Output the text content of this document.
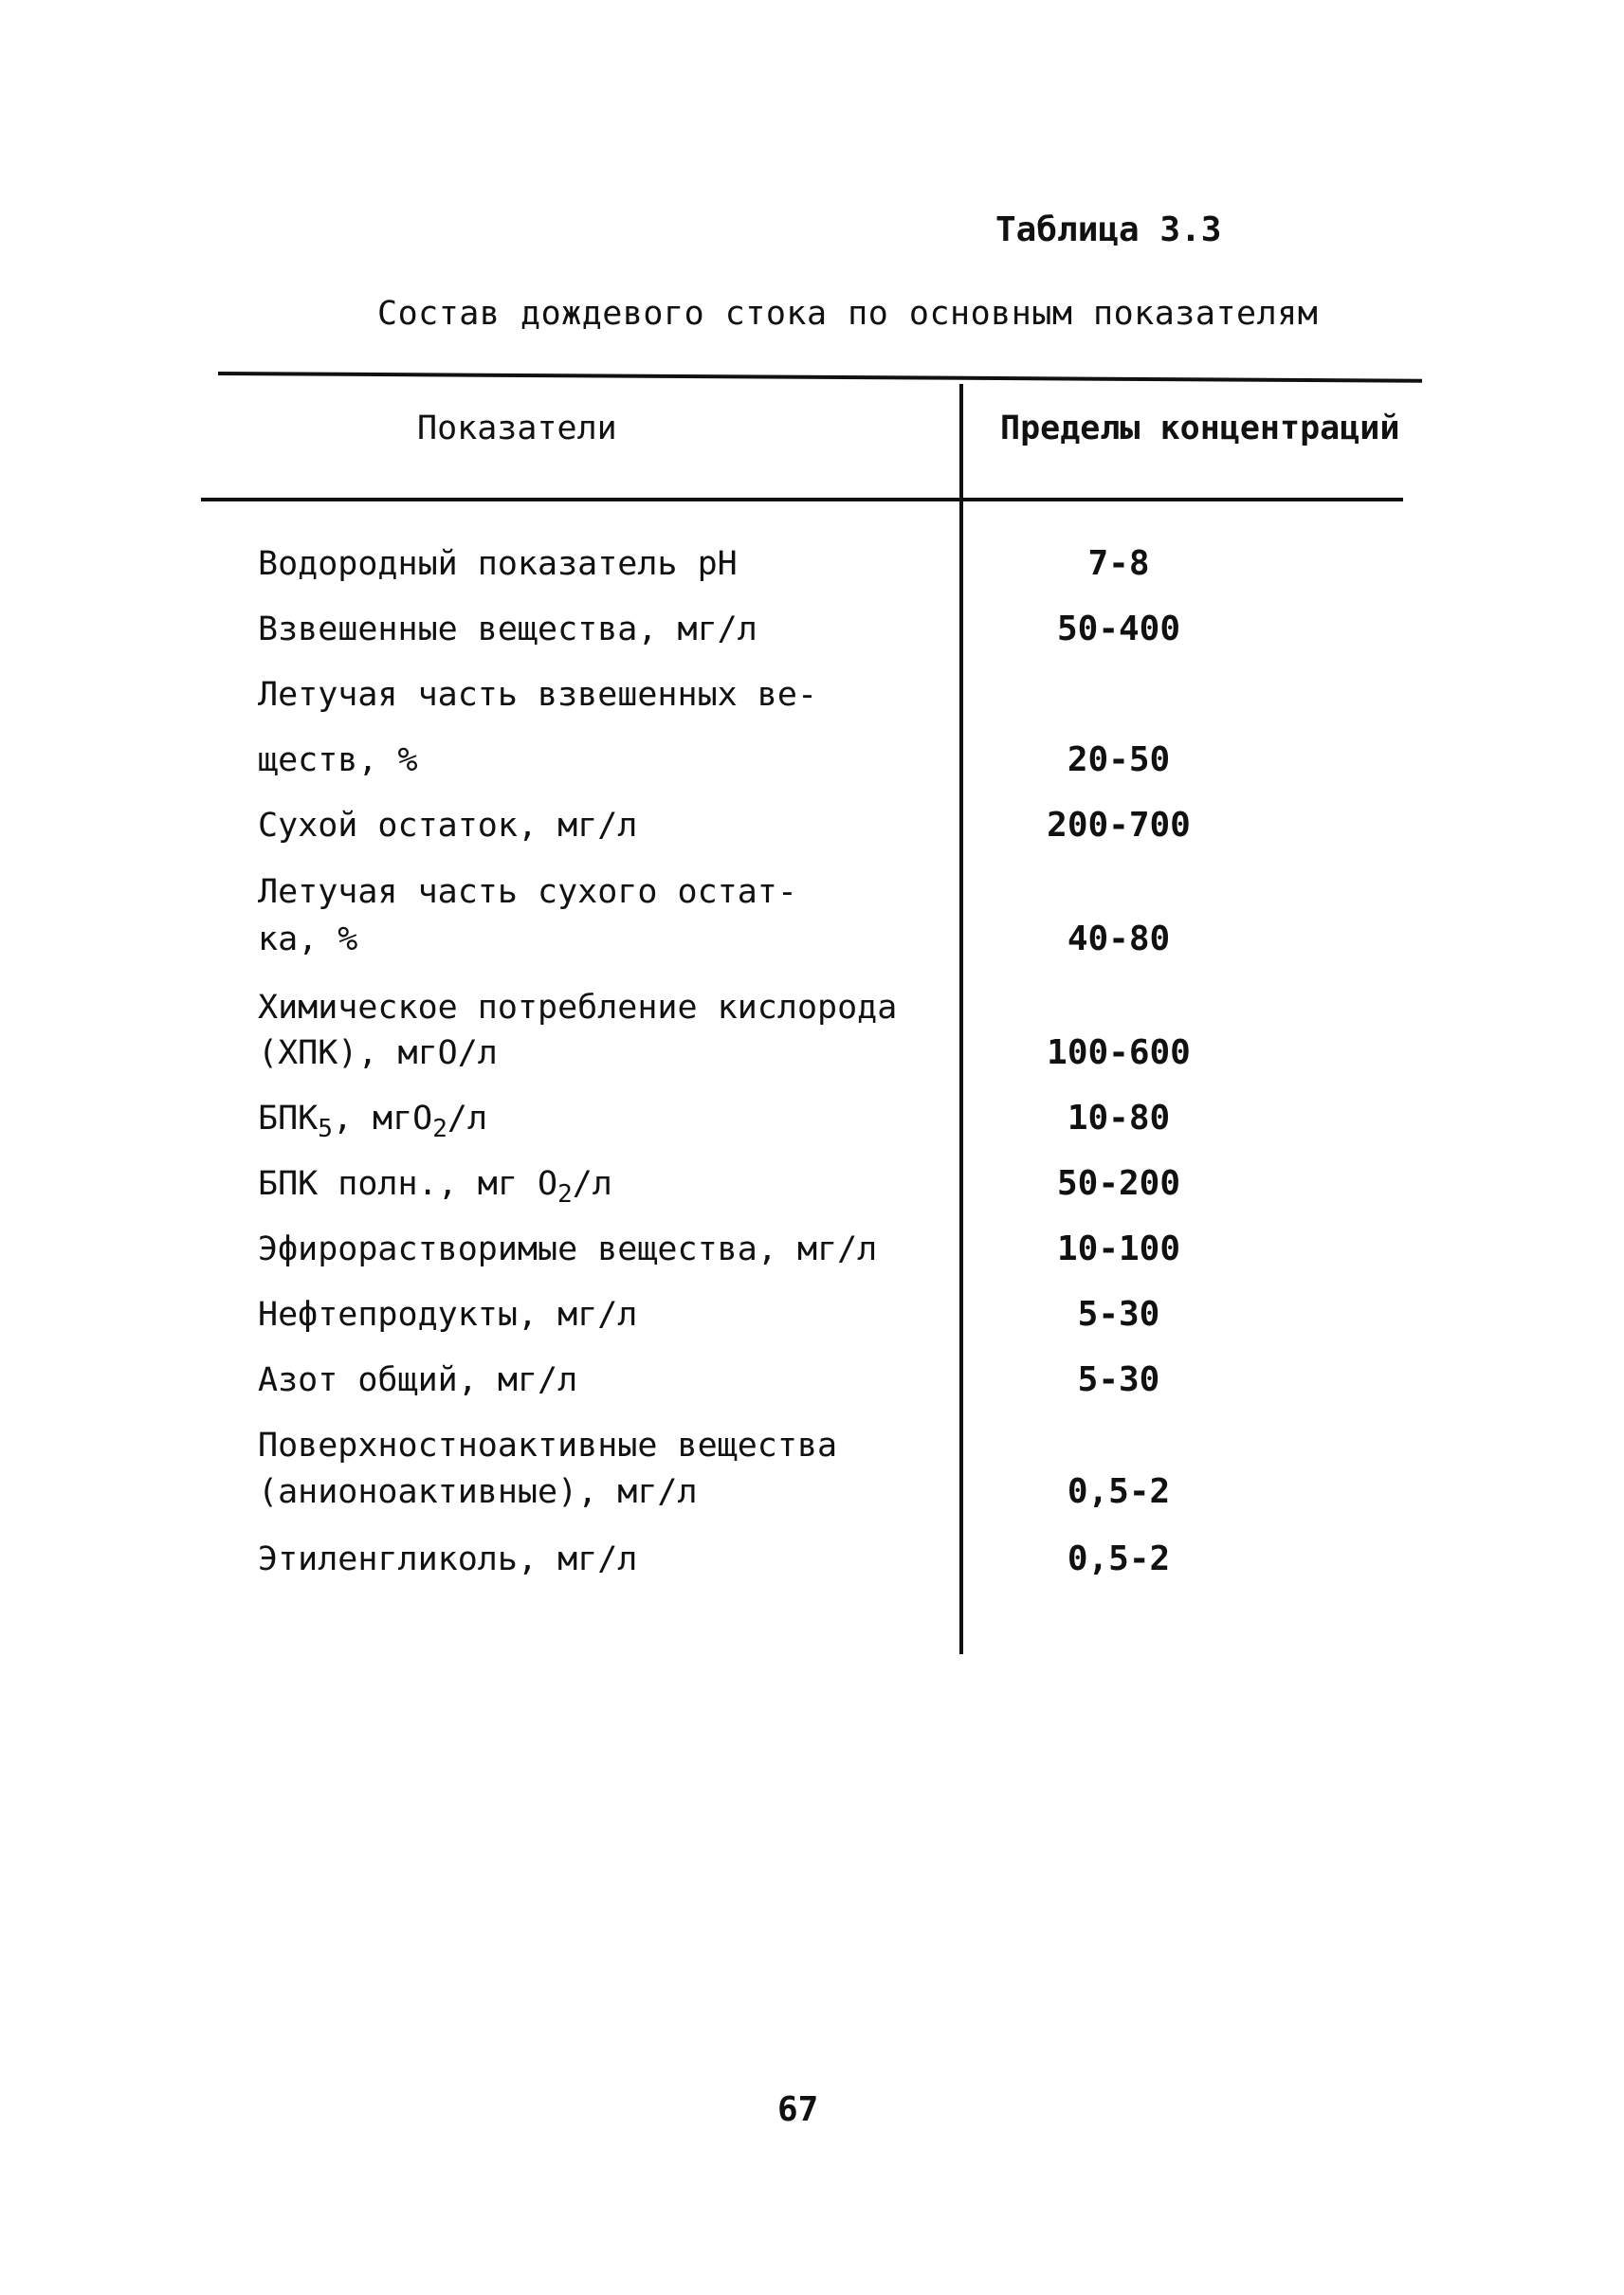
Таблица 3.3
Состав дождевого стока по основным показателям
Показатели	Пределы концентраций
Водородный показатель рН	7-8
Взвешенные вещества, мг/л	50-400
Летучая часть взвешенных ве-
ществ, %	20-50
Сухой остаток, мг/л	200-700
Летучая часть сухого остат-
ка, %	40-80
Химическое потребление кислорода
(ХПК), мгО/л	100-600
$БПК_5$, мгО$_2$/л	10-80
БПК полн., мг $О_2/л$	50-200
Эфирорастворимые вещества, мг/л	10-100
Нефтепродукты, мг/л	5-30
Азот общий, мг/л	5-30
Поверхностноактивные вещества
(анионоактивные), мг/л	0,5-2
Этиленгликоль, мг/л	0,5-2
67
